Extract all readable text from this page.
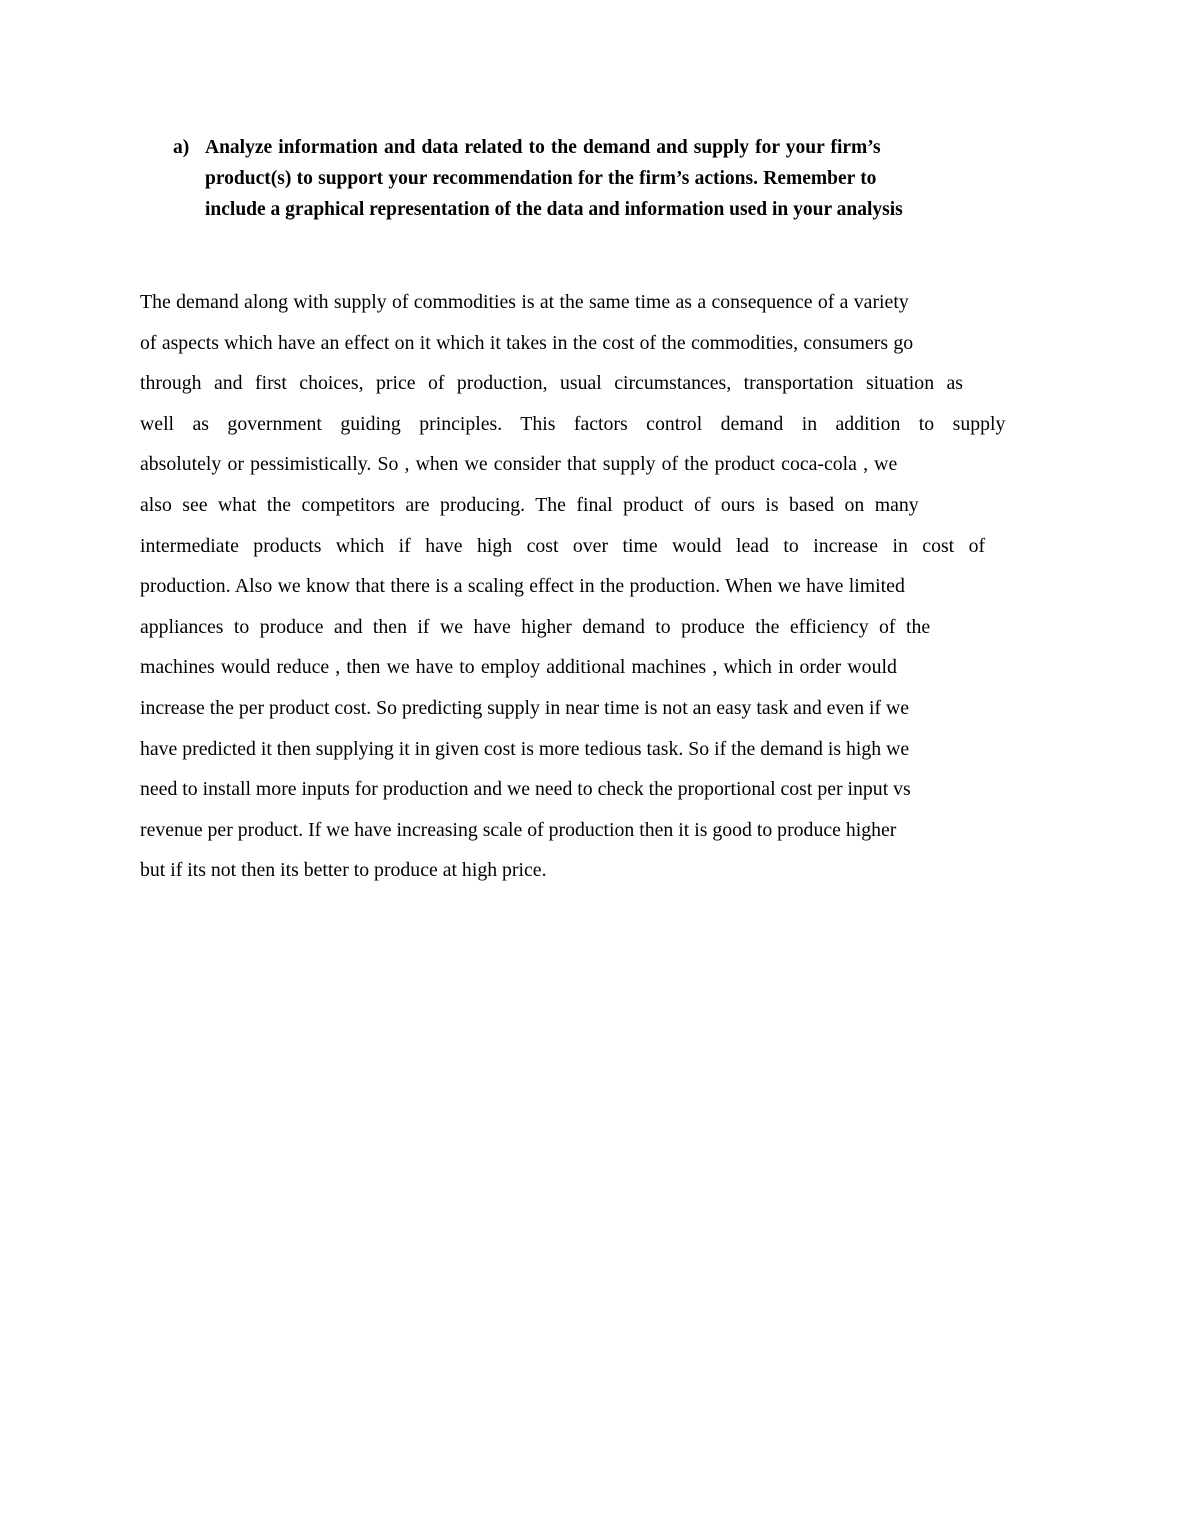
a) Analyze information and data related to the demand and supply for your firm’s
product(s) to support your recommendation for the firm’s actions. Remember to
include a graphical representation of the data and information used in your analysis
The demand along with supply of commodities is at the same time as a consequence of a variety
of aspects which have an effect on it which it takes in the cost of the commodities, consumers go
through and first choices, price of production, usual circumstances, transportation situation as
well as government guiding principles. This factors control demand in addition to supply
absolutely or pessimistically. So , when we consider that supply of the product coca-cola , we
also see what the competitors are producing. The final product of ours is based on many
intermediate products which if have high cost over time would lead to increase in cost of
production. Also we know that there is a scaling effect in the production. When we have limited
appliances to produce and then if we have higher demand to produce the efficiency of the
machines would reduce , then we have to employ additional machines , which in order would
increase the per product cost. So predicting supply in near time is not an easy task and even if we
have predicted it then supplying it in given cost is more tedious task. So if the demand is high we
need to install more inputs for production and we need to check the proportional cost per input vs
revenue per product. If we have increasing scale of production then it is good to produce higher
but if its not then its better to produce at high price.
